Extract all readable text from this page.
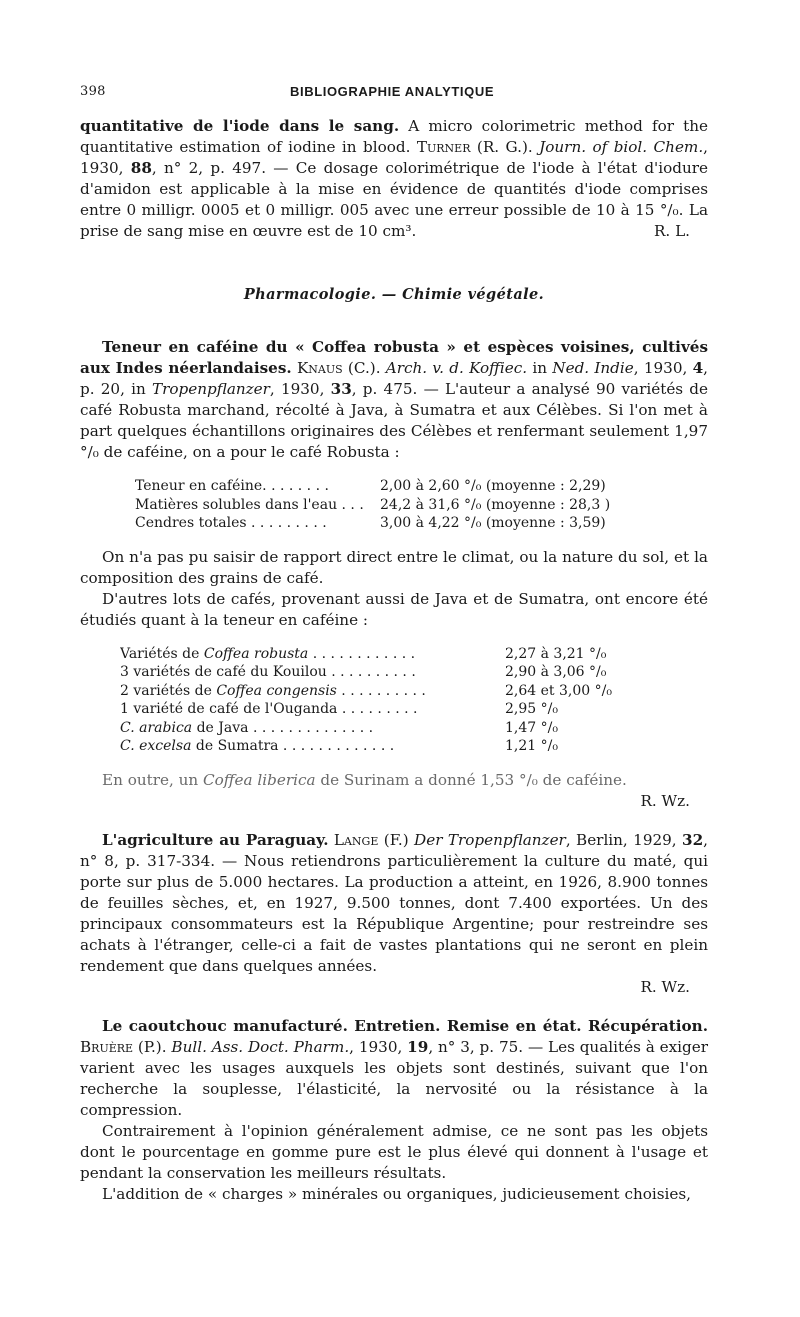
398	BIBLIOGRAPHIE ANALYTIQUE

quantitative de l'iode dans le sang. A micro colorimetric method for the quantitative estimation of iodine in blood. Turner (R. G.). Journ. of biol. Chem., 1930, 88, n° 2, p. 497. — Ce dosage colorimétrique de l'iode à l'état d'iodure d'amidon est applicable à la mise en évidence de quantités d'iode comprises entre 0 milligr. 0005 et 0 milligr. 005 avec une erreur possible de 10 à 15 °/₀. La prise de sang mise en œuvre est de 10 cm³.	R. L.

Pharmacologie. — Chimie végétale.

Teneur en caféine du « Coffea robusta » et espèces voisines, cultivés aux Indes néerlandaises. Knaus (C.). Arch. v. d. Koffiec. in Ned. Indie, 1930, 4, p. 20, in Tropenpflanzer, 1930, 33, p. 475. — L'auteur a analysé 90 variétés de café Robusta marchand, récolté à Java, à Sumatra et aux Célèbes. Si l'on met à part quelques échantillons originaires des Célèbes et renfermant seulement 1,97 °/₀ de caféine, on a pour le café Robusta :

Teneur en caféine. . . . . . . .	2,00 à 2,60 °/₀ (moyenne : 2,29)
Matières solubles dans l'eau . . .	24,2 à 31,6 °/₀ (moyenne : 28,3 )
Cendres totales . . . . . . . . .	3,00 à 4,22 °/₀ (moyenne : 3,59)

On n'a pas pu saisir de rapport direct entre le climat, ou la nature du sol, et la composition des grains de café.

D'autres lots de cafés, provenant aussi de Java et de Sumatra, ont encore été étudiés quant à la teneur en caféine :

Variétés de Coffea robusta . . . . . . . . . . . .	2,27 à 3,21 °/₀
3 variétés de café du Kouilou . . . . . . . . . .	2,90 à 3,06 °/₀
2 variétés de Coffea congensis . . . . . . . . . .	2,64 et 3,00 °/₀
1 variété de café de l'Ouganda . . . . . . . . .	2,95 °/₀
C. arabica de Java . . . . . . . . . . . . . .	1,47 °/₀
C. excelsa de Sumatra . . . . . . . . . . . . .	1,21 °/₀

En outre, un Coffea liberica de Surinam a donné 1,53 °/₀ de caféine.

R. Wz.

L'agriculture au Paraguay. Lange (F.) Der Tropenpflanzer, Berlin, 1929, 32, n° 8, p. 317-334. — Nous retiendrons particulièrement la culture du maté, qui porte sur plus de 5.000 hectares. La production a atteint, en 1926, 8.900 tonnes de feuilles sèches, et, en 1927, 9.500 tonnes, dont 7.400 exportées. Un des principaux consommateurs est la République Argentine; pour restreindre ses achats à l'étranger, celle-ci a fait de vastes plantations qui ne seront en plein rendement que dans quelques années.

R. Wz.

Le caoutchouc manufacturé. Entretien. Remise en état. Récupération. Bruère (P.). Bull. Ass. Doct. Pharm., 1930, 19, n° 3, p. 75. — Les qualités à exiger varient avec les usages auxquels les objets sont destinés, suivant que l'on recherche la souplesse, l'élasticité, la nervosité ou la résistance à la compression.

Contrairement à l'opinion généralement admise, ce ne sont pas les objets dont le pourcentage en gomme pure est le plus élevé qui donnent à l'usage et pendant la conservation les meilleurs résultats.

L'addition de « charges » minérales ou organiques, judicieusement choisies,
